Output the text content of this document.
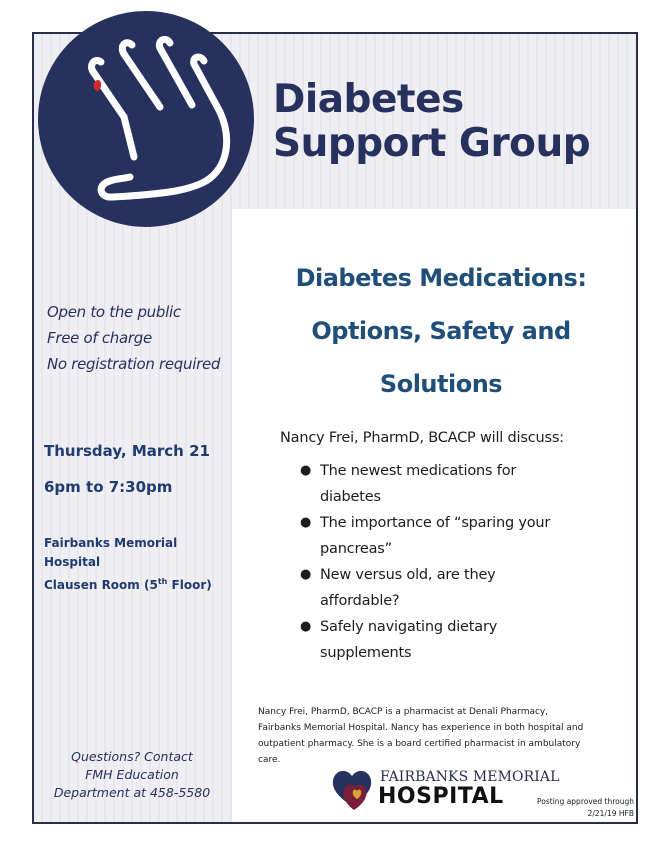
Diabetes
Support Group
Open to the public
Free of charge
No registration required
Thursday, March 21
6pm to 7:30pm
Fairbanks Memorial
Hospital
Clausen Room (5th Floor)
Questions? Contact
FMH Education
Department at 458-5580
Diabetes Medications:
Options, Safety and
Solutions
Nancy Frei, PharmD, BCACP will discuss:
● The newest medications for
diabetes
● The importance of “sparing your
pancreas”
● New versus old, are they
affordable?
● Safely navigating dietary
supplements
Nancy Frei, PharmD, BCACP is a pharmacist at Denali Pharmacy,
Fairbanks Memorial Hospital. Nancy has experience in both hospital and
outpatient pharmacy. She is a board certified pharmacist in ambulatory
care.
FAIRBANKS MEMORIAL
HOSPITAL	Posting approved through
2/21/19 HFB
